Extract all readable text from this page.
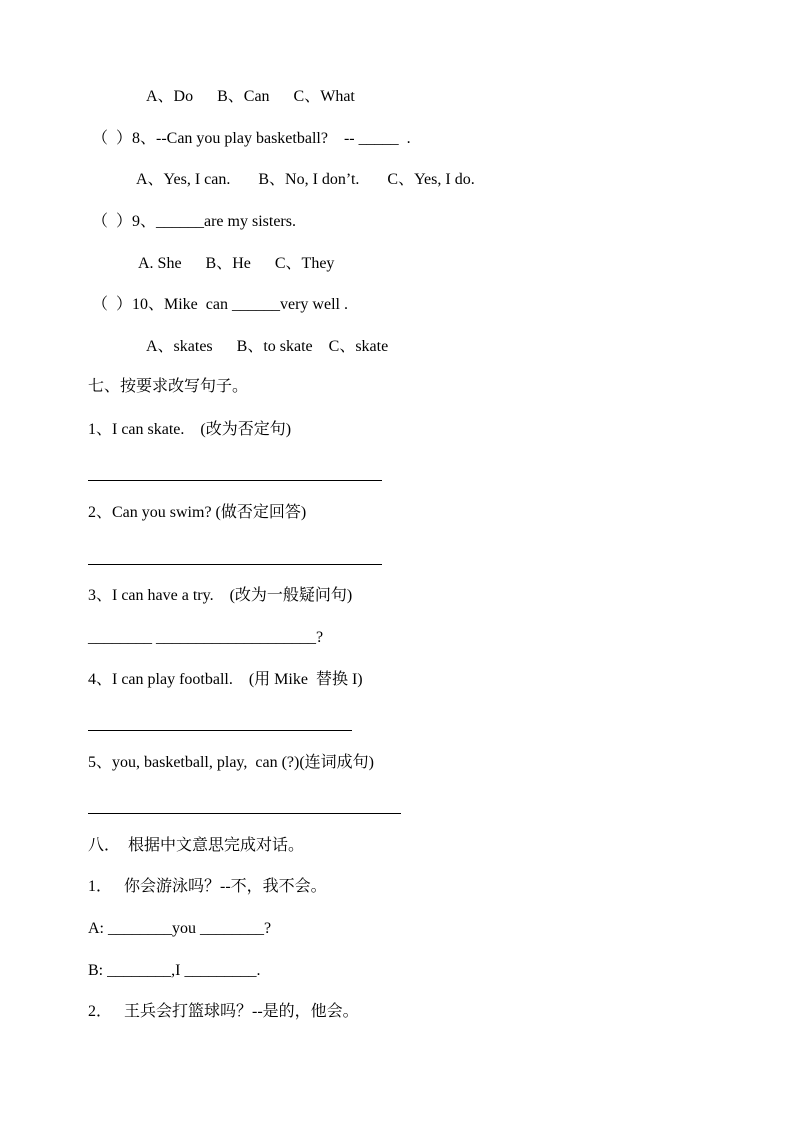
A、Do      B、Can      C、What
（  ）8、--Can you play basketball?    -- _____  .
A、Yes, I can.       B、No, I don’t.       C、Yes, I do.
（  ）9、______are my sisters.
A. She      B、He      C、They
（  ）10、Mike  can ______very well .
A、skates      B、to skate    C、skate
七、按要求改写句子。
1、I can skate.    (改为否定句)
2、Can you swim? (做否定回答)
3、I can have a try.    (改为一般疑问句)
________ ____________________?
4、I can play football.    (用 Mike  替换 I)
5、you, basketball, play,  can (?)(连词成句)
八．  根据中文意思完成对话。
1．   你会游泳吗？--不，我不会。
A: ________you ________?
B: ________,I _________.
2．   王兵会打篮球吗？--是的，他会。
